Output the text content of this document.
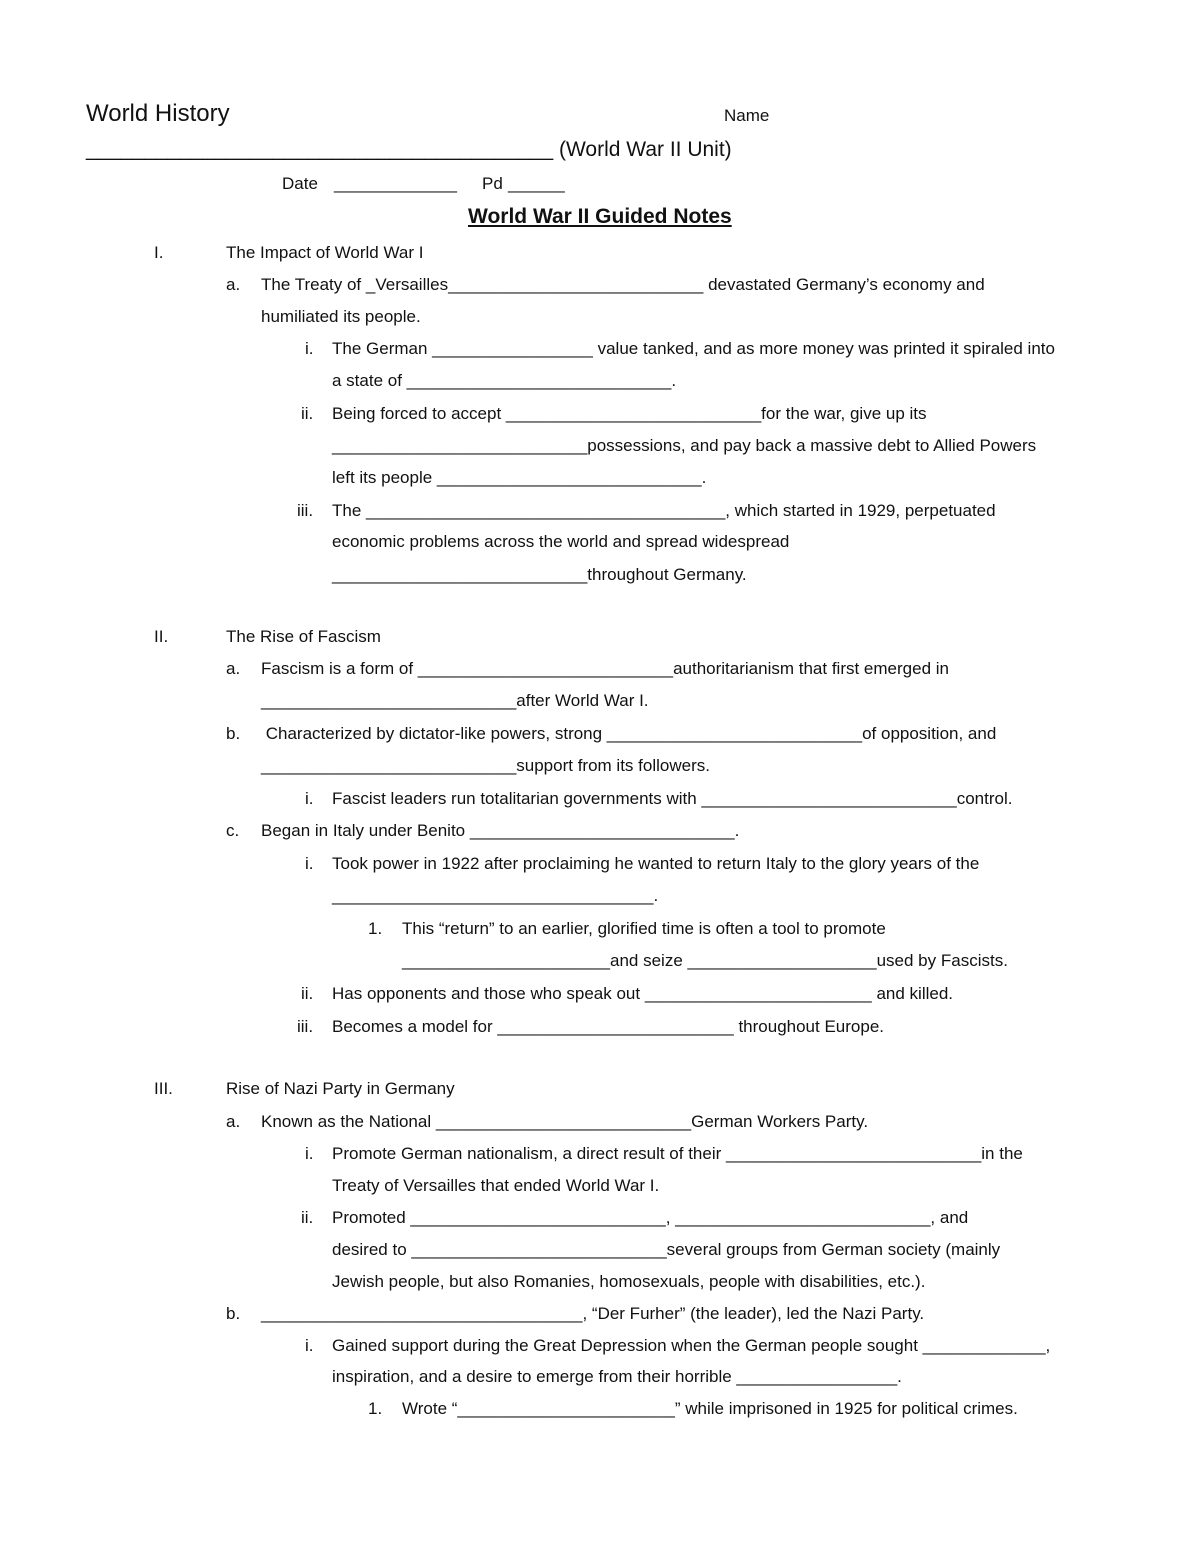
World History	Name
________________________________________ (World War II Unit)
Date _____________ Pd ______
World War II Guided Notes
I.	The Impact of World War I
a. The Treaty of _Versailles___________________________ devastated Germany’s economy and
humiliated its people.
i. The German _________________ value tanked, and as more money was printed it spiraled into
a state of ____________________________.
ii. Being forced to accept ___________________________for the war, give up its
___________________________possessions, and pay back a massive debt to Allied Powers
left its people ____________________________.
iii. The ______________________________________, which started in 1929, perpetuated
economic problems across the world and spread widespread
___________________________throughout Germany.
II.	The Rise of Fascism
a. Fascism is a form of ___________________________authoritarianism that first emerged in
___________________________after World War I.
b. Characterized by dictator-like powers, strong ___________________________of opposition, and
___________________________support from its followers.
i. Fascist leaders run totalitarian governments with ___________________________control.
c. Began in Italy under Benito ____________________________.
i. Took power in 1922 after proclaiming he wanted to return Italy to the glory years of the
__________________________________.
1. This “return” to an earlier, glorified time is often a tool to promote
______________________and seize ____________________used by Fascists.
ii. Has opponents and those who speak out ________________________ and killed.
iii. Becomes a model for _________________________ throughout Europe.
III.	Rise of Nazi Party in Germany
a. Known as the National ___________________________German Workers Party.
i. Promote German nationalism, a direct result of their ___________________________in the
Treaty of Versailles that ended World War I.
ii. Promoted ___________________________, ___________________________, and
desired to ___________________________several groups from German society (mainly
Jewish people, but also Romanies, homosexuals, people with disabilities, etc.).
b. __________________________________, “Der Furher” (the leader), led the Nazi Party.
i. Gained support during the Great Depression when the German people sought _____________,
inspiration, and a desire to emerge from their horrible _________________.
1. Wrote “_______________________” while imprisoned in 1925 for political crimes.
